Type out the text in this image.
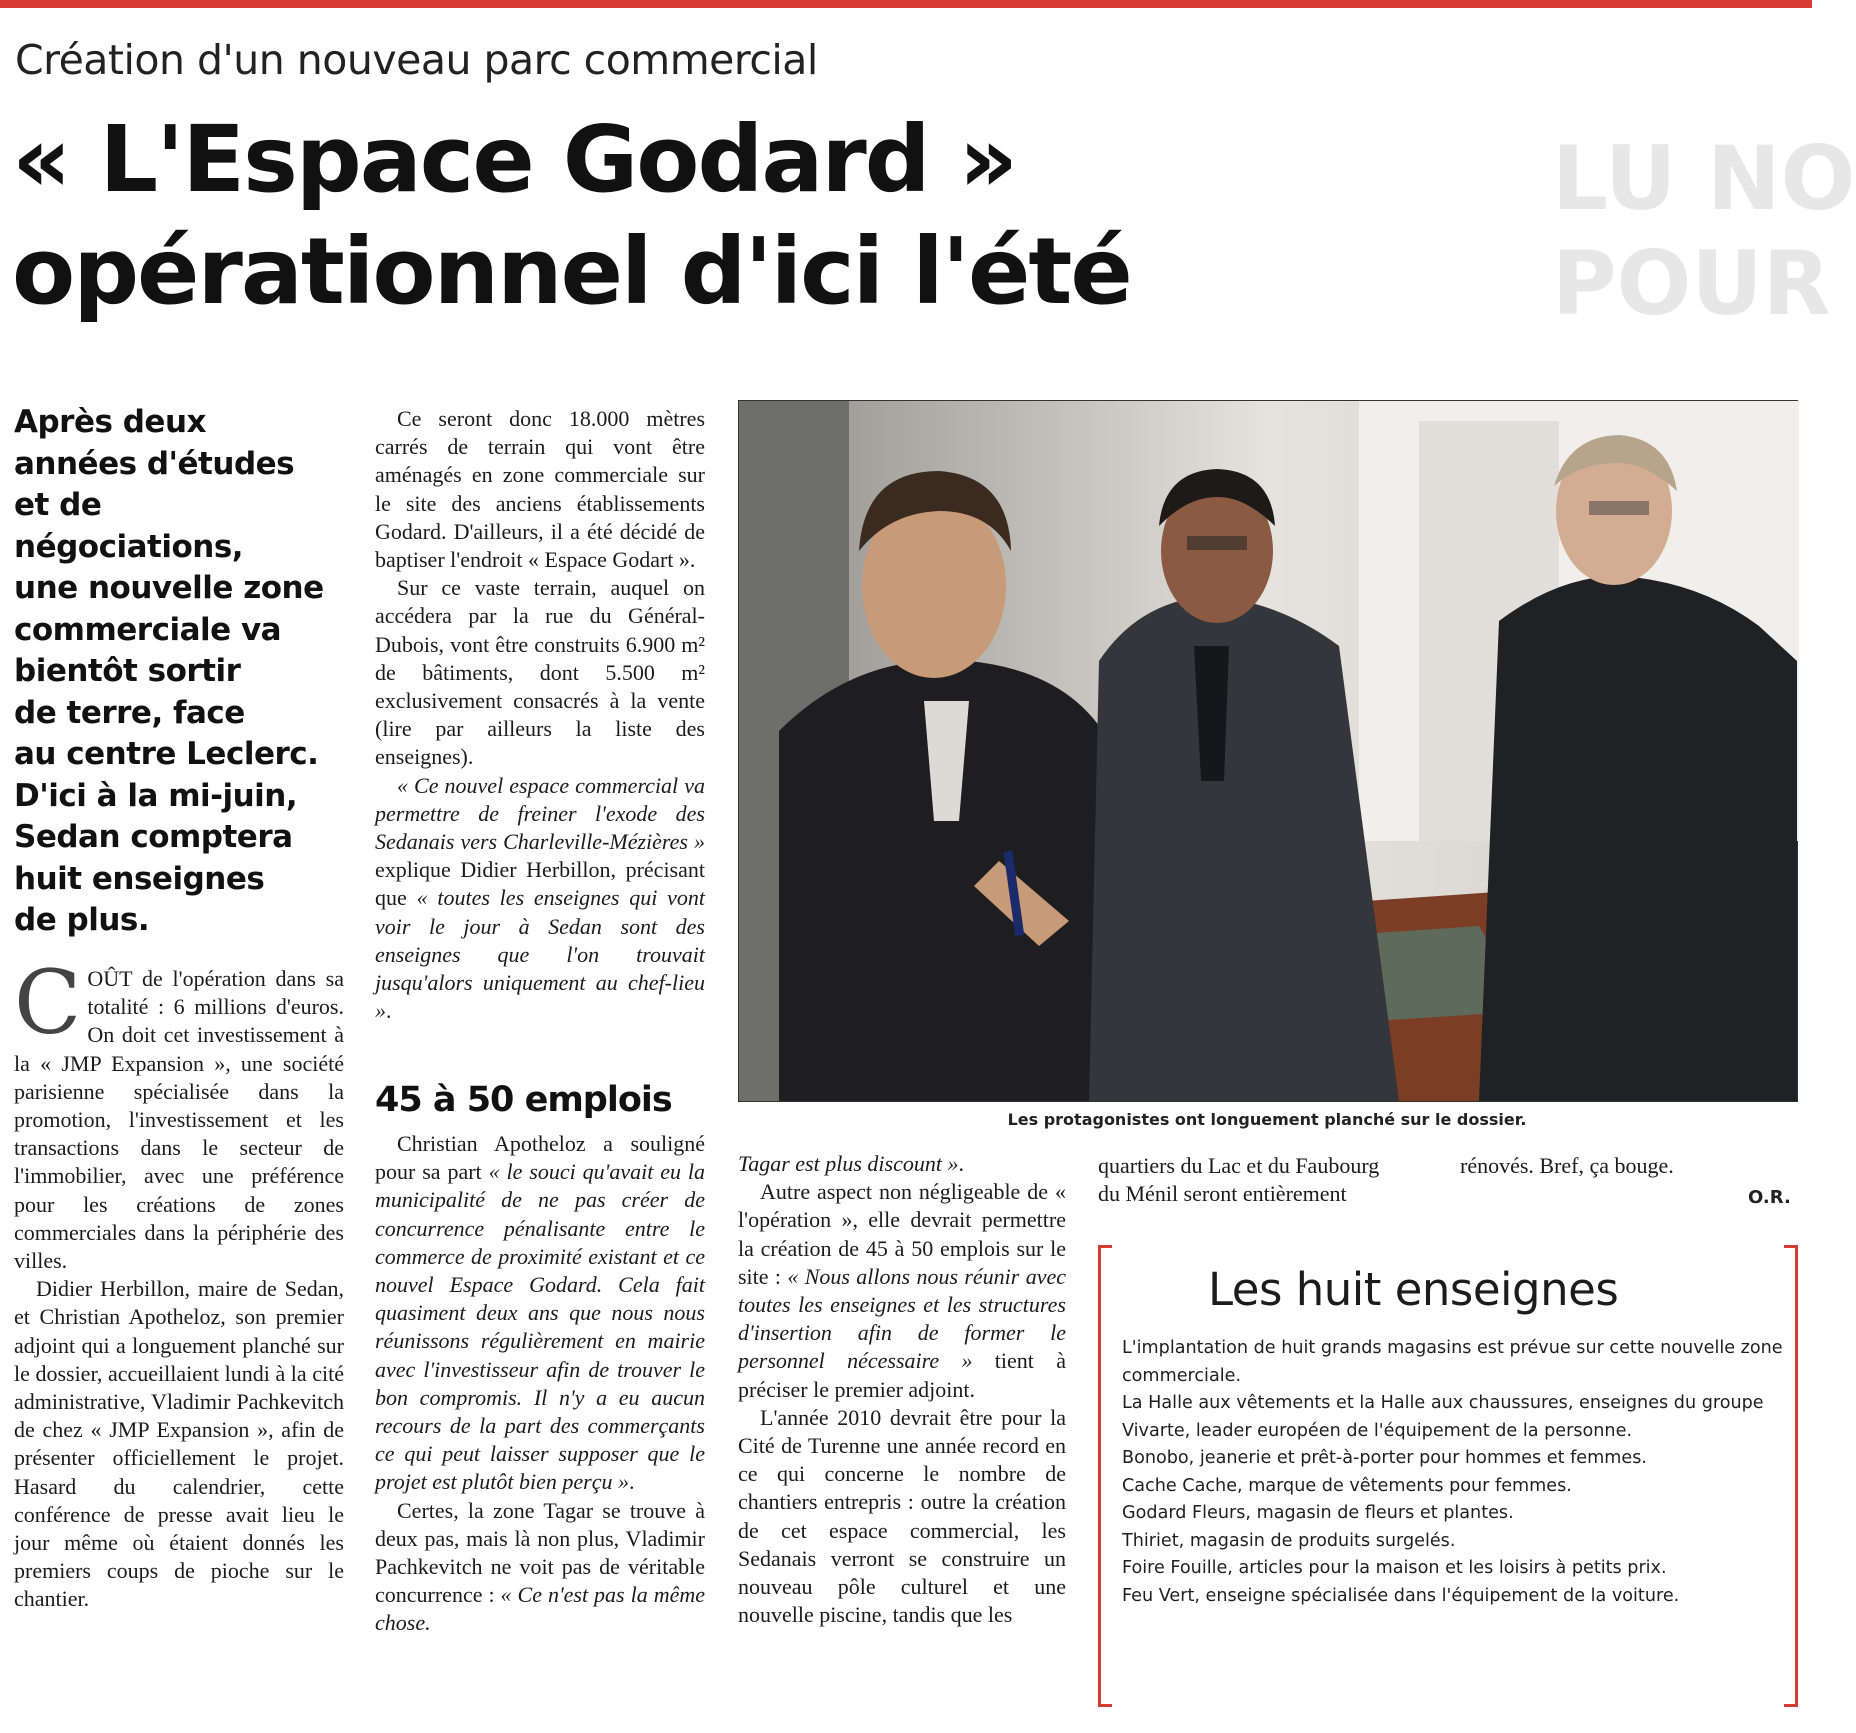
Création d'un nouveau parc commercial
« L'Espace Godard »
opérationnel d'ici l'été
LU NO
POUR
Après deux
années d'études
et de
négociations,
une nouvelle zone
commerciale va
bientôt sortir
de terre, face
au centre Leclerc.
D'ici à la mi-juin,
Sedan comptera
huit enseignes
de plus.

COÛT de l'opération dans sa totalité : 6 millions d'euros. On doit cet investissement à la « JMP Expansion », une société parisienne spécialisée dans la promotion, l'investissement et les transactions dans le secteur de l'immobilier, avec une préférence pour les créations de zones commerciales dans la périphérie des villes.

Didier Herbillon, maire de Sedan, et Christian Apotheloz, son premier adjoint qui a longuement planché sur le dossier, accueillaient lundi à la cité administrative, Vladimir Pachkevitch de chez « JMP Expansion », afin de présenter officiellement le projet. Hasard du calendrier, cette conférence de presse avait lieu le jour même où étaient donnés les premiers coups de pioche sur le chantier.

Ce seront donc 18.000 mètres carrés de terrain qui vont être aménagés en zone commerciale sur le site des anciens établissements Godard. D'ailleurs, il a été décidé de baptiser l'endroit « Espace Godart ».

Sur ce vaste terrain, auquel on accédera par la rue du Général-Dubois, vont être construits 6.900 m² de bâtiments, dont 5.500 m² exclusivement consacrés à la vente (lire par ailleurs la liste des enseignes).

« Ce nouvel espace commercial va permettre de freiner l'exode des Sedanais vers Charleville-Mézières » explique Didier Herbillon, précisant que « toutes les enseignes qui vont voir le jour à Sedan sont des enseignes que l'on trouvait jusqu'alors uniquement au chef-lieu ».

45 à 50 emplois

Christian Apotheloz a souligné pour sa part « le souci qu'avait eu la municipalité de ne pas créer de concurrence pénalisante entre le commerce de proximité existant et ce nouvel Espace Godard. Cela fait quasiment deux ans que nous nous réunissons régulièrement en mairie avec l'investisseur afin de trouver le bon compromis. Il n'y a eu aucun recours de la part des commerçants ce qui peut laisser supposer que le projet est plutôt bien perçu ».

Certes, la zone Tagar se trouve à deux pas, mais là non plus, Vladimir Pachkevitch ne voit pas de véritable concurrence : « Ce n'est pas la même chose.

Les protagonistes ont longuement planché sur le dossier.

Tagar est plus discount ».

Autre aspect non négligeable de « l'opération », elle devrait permettre la création de 45 à 50 emplois sur le site : « Nous allons nous réunir avec toutes les enseignes et les structures d'insertion afin de former le personnel nécessaire » tient à préciser le premier adjoint.

L'année 2010 devrait être pour la Cité de Turenne une année record en ce qui concerne le nombre de chantiers entrepris : outre la création de cet espace commercial, les Sedanais verront se construire un nouveau pôle culturel et une nouvelle piscine, tandis que les

quartiers du Lac et du Faubourg
du Ménil seront entièrement
rénovés. Bref, ça bouge.
O.R.
Les huit enseignes

L'implantation de huit grands magasins est prévue sur cette nouvelle zone commerciale.

La Halle aux vêtements et la Halle aux chaussures, enseignes du groupe Vivarte, leader européen de l'équipement de la personne.

Bonobo, jeanerie et prêt-à-porter pour hommes et femmes.

Cache Cache, marque de vêtements pour femmes.

Godard Fleurs, magasin de fleurs et plantes.

Thiriet, magasin de produits surgelés.

Foire Fouille, articles pour la maison et les loisirs à petits prix.

Feu Vert, enseigne spécialisée dans l'équipement de la voiture.
